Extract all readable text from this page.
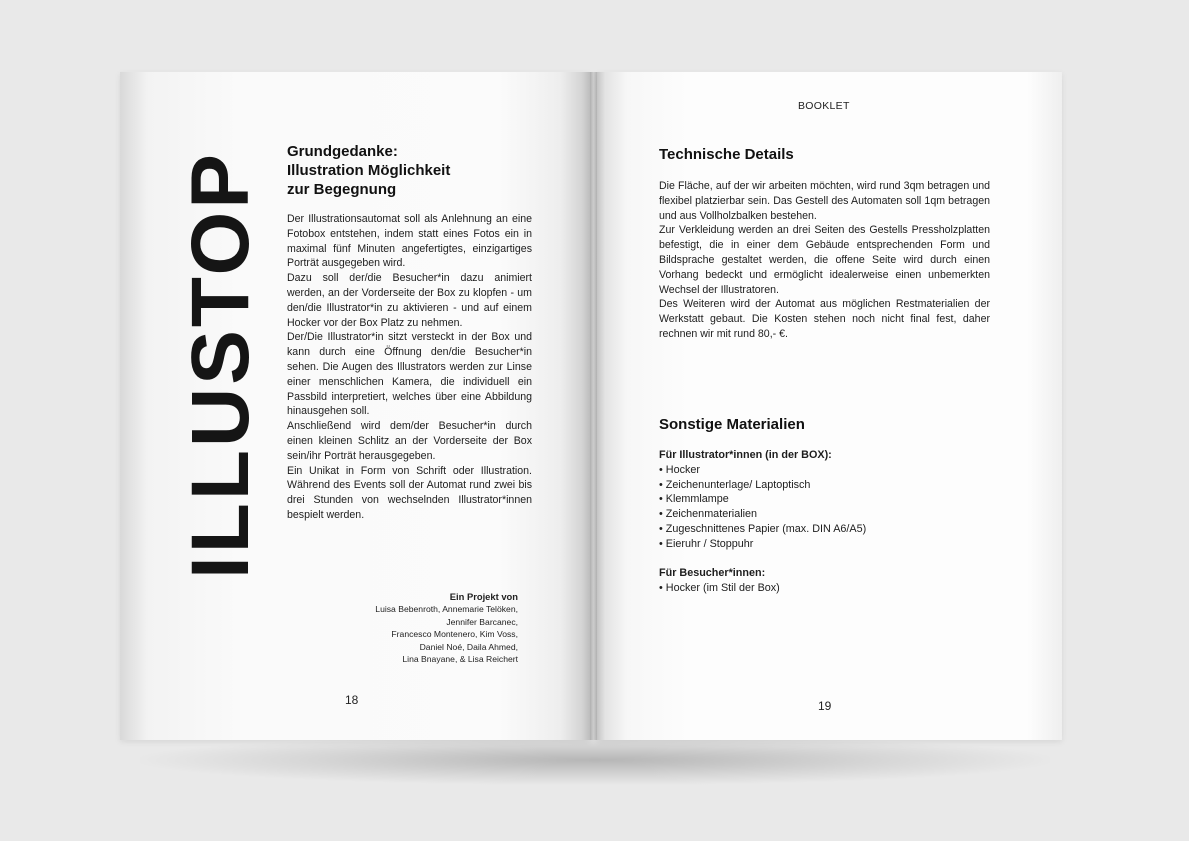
ILLUSTOP Grundgedanke:
Illustration Möglichkeit
zur Begegnung

Der Illustrationsautomat soll als Anlehnung an eine Fotobox entstehen, indem statt eines Fotos ein in maximal fünf Minuten angefertigtes, einzigartiges Porträt ausgegeben wird.

Dazu soll der/die Besucher*in dazu animiert werden, an der Vorderseite der Box zu klopfen - um den/die Illustrator*in zu aktivieren - und auf einem Hocker vor der Box Platz zu nehmen.

Der/Die Illustrator*in sitzt versteckt in der Box und kann durch eine Öffnung den/die Besucher*in sehen. Die Augen des Illustrators werden zur Linse einer menschlichen Kamera, die individuell ein Passbild interpretiert, welches über eine Abbildung hinausgehen soll.

Anschließend wird dem/der Besucher*in durch einen kleinen Schlitz an der Vorderseite der Box sein/ihr Porträt herausgegeben.

Ein Unikat in Form von Schrift oder Illustration. Während des Events soll der Automat rund zwei bis drei Stunden von wechselnden Illustrator*innen bespielt werden.

Ein Projekt von
Luisa Bebenroth, Annemarie Telöken,
Jennifer Barcanec,
Francesco Montenero, Kim Voss,
Daniel Noé, Daila Ahmed,
Lina Bnayane, & Lisa Reichert
18
BOOKLET
Technische Details

Die Fläche, auf der wir arbeiten möchten, wird rund 3qm betragen und flexibel platzierbar sein. Das Gestell des Automaten soll 1qm betragen und aus Vollholzbalken bestehen.

Zur Verkleidung werden an drei Seiten des Gestells Pressholzplatten befestigt, die in einer dem Gebäude entsprechenden Form und Bildsprache gestaltet werden, die offene Seite wird durch einen Vorhang bedeckt und ermöglicht idealerweise einen unbemerkten Wechsel der Illustratoren.

Des Weiteren wird der Automat aus möglichen Restmaterialien der Werkstatt gebaut. Die Kosten stehen noch nicht final fest, daher rechnen wir mit rund 80,- €.

Sonstige Materialien
Für Illustrator*innen (in der BOX):
• Hocker
• Zeichenunterlage/ Laptoptisch
• Klemmlampe
• Zeichenmaterialien
• Zugeschnittenes Papier (max. DIN A6/A5)
• Eieruhr / Stoppuhr
Für Besucher*innen:
• Hocker (im Stil der Box)
19
